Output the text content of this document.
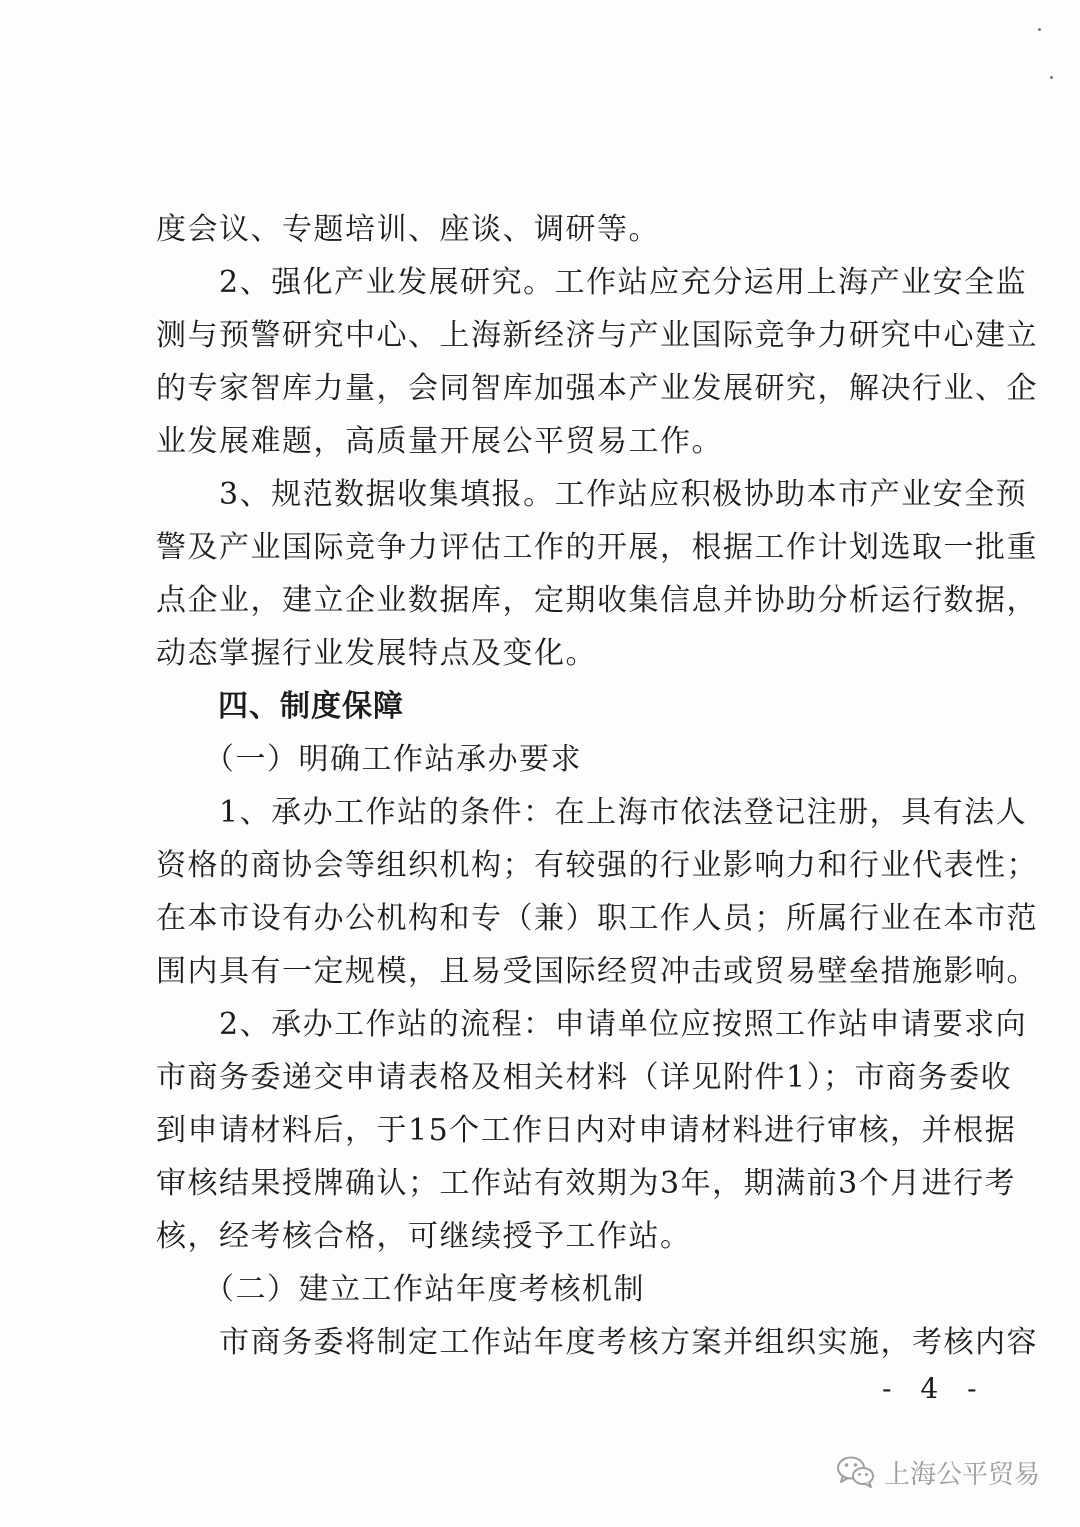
度会议、专题培训、座谈、调研等。
　　2、强化产业发展研究。工作站应充分运用上海产业安全监
测与预警研究中心、上海新经济与产业国际竞争力研究中心建立
的专家智库力量，会同智库加强本产业发展研究，解决行业、企
业发展难题，高质量开展公平贸易工作。
　　3、规范数据收集填报。工作站应积极协助本市产业安全预
警及产业国际竞争力评估工作的开展，根据工作计划选取一批重
点企业，建立企业数据库，定期收集信息并协助分析运行数据，
动态掌握行业发展特点及变化。
　　四、制度保障
　　（一）明确工作站承办要求
　　1、承办工作站的条件：在上海市依法登记注册，具有法人
资格的商协会等组织机构；有较强的行业影响力和行业代表性；
在本市设有办公机构和专（兼）职工作人员；所属行业在本市范
围内具有一定规模，且易受国际经贸冲击或贸易壁垒措施影响。
　　2、承办工作站的流程：申请单位应按照工作站申请要求向
市商务委递交申请表格及相关材料（详见附件1）；市商务委收
到申请材料后，于15个工作日内对申请材料进行审核，并根据
审核结果授牌确认；工作站有效期为3年，期满前3个月进行考
核，经考核合格，可继续授予工作站。
　　（二）建立工作站年度考核机制
　　市商务委将制定工作站年度考核方案并组织实施，考核内容
- 4 -
上海公平贸易
